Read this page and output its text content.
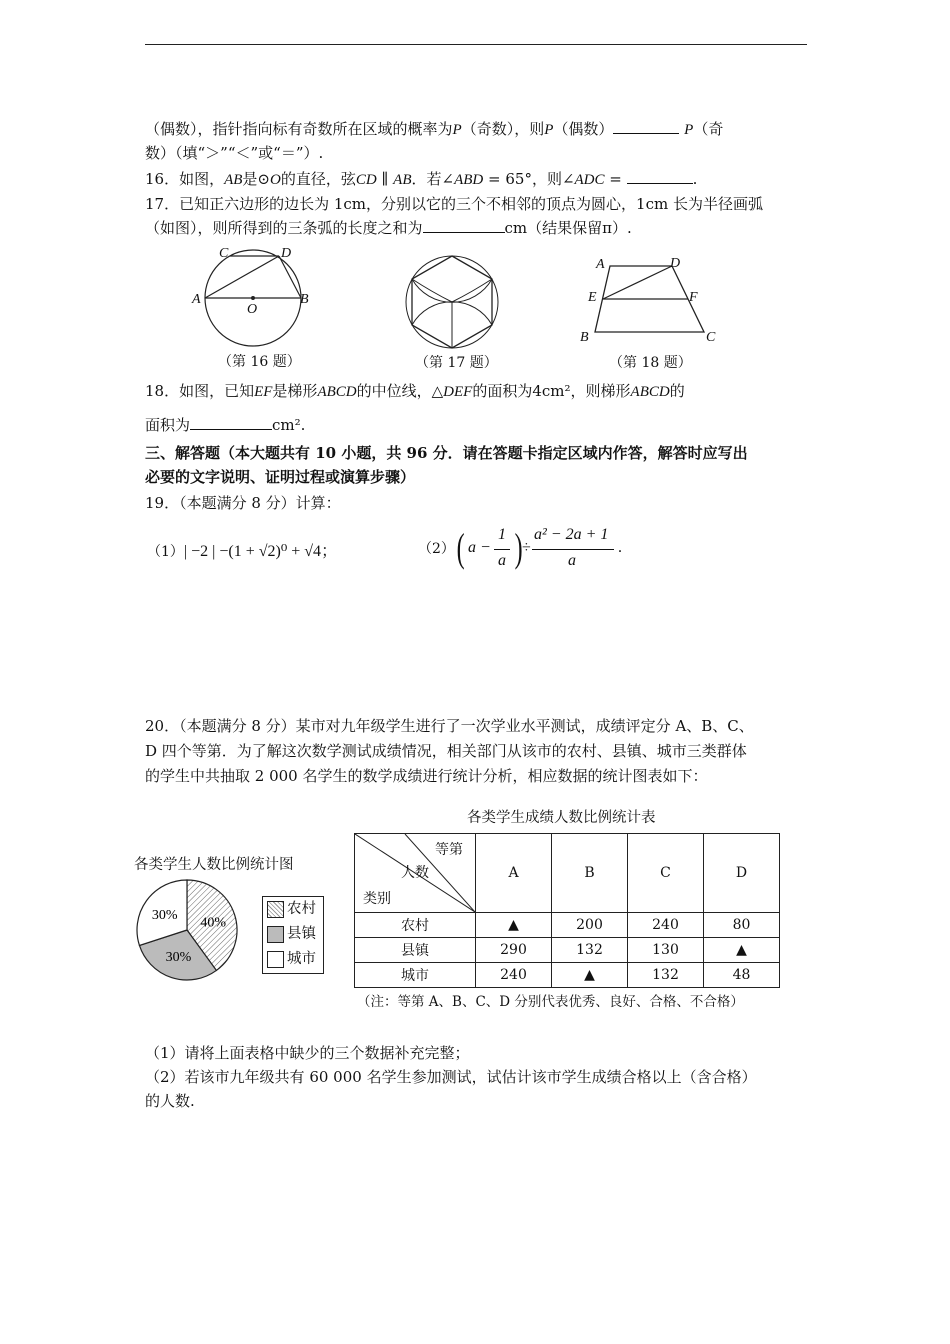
（偶数），指针指向标有奇数所在区域的概率为P（奇数），则P（偶数）	P（奇
数）（填“＞”“＜”或“＝”）.
16．如图，AB是⊙O的直径，弦CD ∥ AB．若∠ABD = 65°，则∠ADC =	.
17．已知正六边形的边长为 1cm，分别以它的三个不相邻的顶点为圆心，1cm 长为半径画弧
（如图），则所得到的三条弧的长度之和为	cm（结果保留π）.
C	D
A
O
B
（第 16 题）	（第 17 题）
A	D
E	F
B	C
（第 18 题）
18．如图，已知EF是梯形ABCD的中位线，△DEF的面积为4cm²，则梯形ABCD的
面积为	cm².
三、解答题（本大题共有 10 小题，共 96 分．请在答题卡指定区域内作答，解答时应写出
必要的文字说明、证明过程或演算步骤）
19．（本题满分 8 分）计算：
（1）| −2 | −(1 + √2)⁰ + √4；	（2） ( a −
1
a ) ÷
a² − 2a + 1
a
.
20．（本题满分 8 分）某市对九年级学生进行了一次学业水平测试，成绩评定分 A、B、C、
D 四个等第．为了解这次数学测试成绩情况，相关部门从该市的农村、县镇、城市三类群体
的学生中共抽取 2 000 名学生的数学成绩进行统计分析，相应数据的统计图表如下：
各类学生人数比例统计图
40%
30%
30%	农村
县镇
城市
各类学生成绩人数比例统计表
等第
人数
类别	A	B	C	D
农村	▲	200	240	80
县镇	290	132	130	▲
城市	240	▲	132	48
（注：等第 A、B、C、D 分别代表优秀、良好、合格、不合格）
（1）请将上面表格中缺少的三个数据补充完整；
（2）若该市九年级共有 60 000 名学生参加测试，试估计该市学生成绩合格以上（含合格）
的人数.
